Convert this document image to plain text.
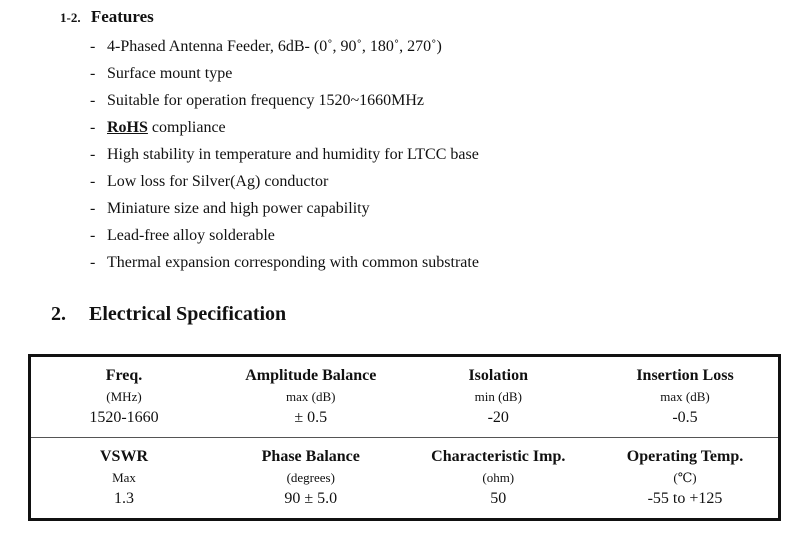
1-2. Features
- 4-Phased Antenna Feeder, 6dB- (0˚, 90˚, 180˚, 270˚)
- Surface mount type
- Suitable for operation frequency 1520~1660MHz
- RoHS compliance
- High stability in temperature and humidity for LTCC base
- Low loss for Silver(Ag) conductor
- Miniature size and high power capability
- Lead-free alloy solderable
- Thermal expansion corresponding with common substrate
2. Electrical Specification
Freq.	Amplitude Balance	Isolation	Insertion Loss
(MHz)	max (dB)	min (dB)	max (dB)
1520-1660	± 0.5	-20	-0.5
VSWR	Phase Balance	Characteristic Imp.	Operating Temp.
Max	(degrees)	(ohm)	(℃)
1.3	90 ± 5.0	50	-55 to +125
